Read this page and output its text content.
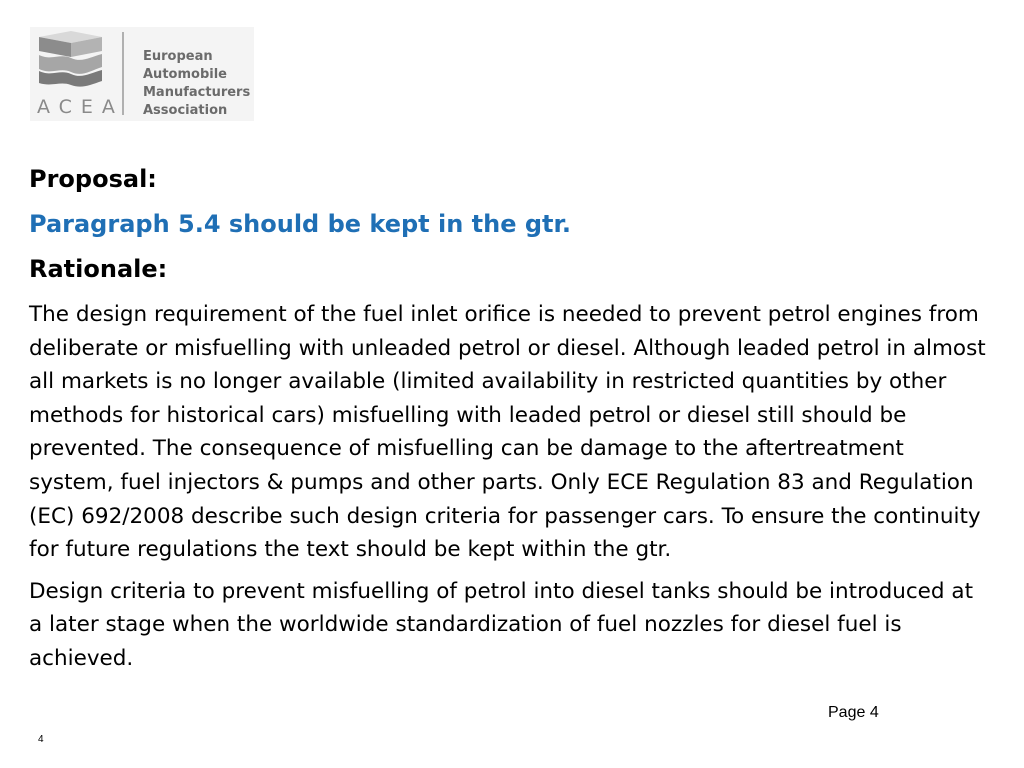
European
Automobile
Manufacturers
Association
ACEA
Proposal:
Paragraph 5.4 should be kept in the gtr.
Rationale:
The design requirement of the fuel inlet orifice is needed to prevent petrol engines from deliberate or misfuelling with unleaded petrol or diesel. Although leaded petrol in almost all markets is no longer available (limited availability in restricted quantities by other methods for historical cars) misfuelling with leaded petrol or diesel still should be prevented. The consequence of misfuelling can be damage to the aftertreatment system, fuel injectors & pumps and other parts. Only ECE Regulation 83 and Regulation (EC) 692/2008 describe such design criteria for passenger cars. To ensure the continuity for future regulations the text should be kept within the gtr.
Design criteria to prevent misfuelling of petrol into diesel tanks should be introduced at a later stage when the worldwide standardization of fuel nozzles for diesel fuel is achieved.
Page 4
4
